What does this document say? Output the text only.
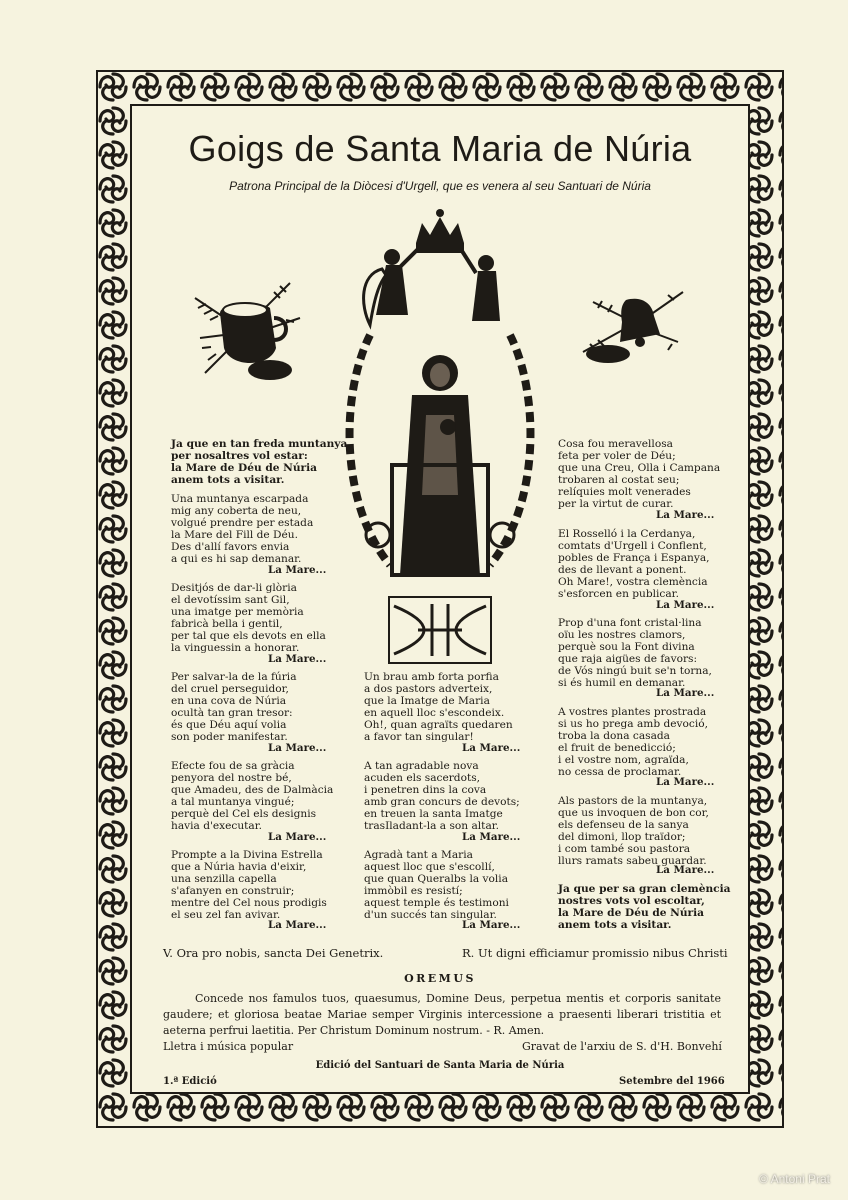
Goigs de Santa Maria de Núria
Patrona Principal de la Diòcesi d'Urgell, que es venera al seu Santuari de Núria
Ja que en tan freda muntanya
per nosaltres vol estar:
la Mare de Déu de Núria
anem tots a visitar.
Una muntanya escarpada
mig any coberta de neu,
volgué prendre per estada
la Mare del Fill de Déu.
Des d'allí favors envia
a qui es hi sap demanar.
La Mare...
Desitjós de dar-li glòria
el devotíssim sant Gil,
una imatge per memòria
fabricà bella i gentil,
per tal que els devots en ella
la vinguessin a honorar.
La Mare...
Per salvar-la de la fúria
del cruel perseguidor,
en una cova de Núria
ocultà tan gran tresor:
és que Déu aquí volia
son poder manifestar.
La Mare...
Efecte fou de sa gràcia
penyora del nostre bé,
que Amadeu, des de Dalmàcia
a tal muntanya vingué;
perquè del Cel els designis
havia d'executar.
La Mare...
Prompte a la Divina Estrella
que a Núria havia d'eixir,
una senzilla capella
s'afanyen en construir;
mentre del Cel nous prodigis
el seu zel fan avivar.
La Mare...
Un brau amb forta porfia
a dos pastors adverteix,
que la Imatge de Maria
en aquell lloc s'escondeix.
Oh!, quan agraïts quedaren
a favor tan singular!
La Mare...
A tan agradable nova
acuden els sacerdots,
i penetren dins la cova
amb gran concurs de devots;
en treuen la santa Imatge
trasIladant-la a son altar.
La Mare...
Agradà tant a Maria
aquest lloc que s'escollí,
que quan Queralbs la volia
immòbil es resistí;
aquest temple és testimoni
d'un succés tan singular.
La Mare...
Cosa fou meravellosa
feta per voler de Déu;
que una Creu, Olla i Campana
trobaren al costat seu;
relíquies molt venerades
per la virtut de curar.
La Mare...
El Rosselló i la Cerdanya,
comtats d'Urgell i Conflent,
pobles de França i Espanya,
des de llevant a ponent.
Oh Mare!, vostra clemència
s'esforcen en publicar.
La Mare...
Prop d'una font cristal·lina
oïu les nostres clamors,
perquè sou la Font divina
que raja aigües de favors:
de Vós ningú buit se'n torna,
si és humil en demanar.
La Mare...
A vostres plantes prostrada
si us ho prega amb devoció,
troba la dona casada
el fruit de benedicció;
i el vostre nom, agraïda,
no cessa de proclamar.
La Mare...
Als pastors de la muntanya,
que us invoquen de bon cor,
els defenseu de la sanya
del dimoni, llop traïdor;
i com també sou pastora
llurs ramats sabeu guardar.
La Mare...
Ja que per sa gran clemència
nostres vots vol escoltar,
la Mare de Déu de Núria
anem tots a visitar.
V. Ora pro nobis, sancta Dei Genetrix.	R. Ut digni efficiamur promissio nibus Christi
OREMUS
Concede nos famulos tuos, quaesumus, Domine Deus, perpetua mentis et corporis sanitate gaudere; et gloriosa beatae Mariae semper Virginis intercessione a praesenti liberari tristitia et aeterna perfrui laetitia. Per Christum Dominum nostrum. - R. Amen.
Lletra i música popular	Gravat de l'arxiu de S. d'H. Bonvehí
Edició del Santuari de Santa Maria de Núria
1.ª Edició	Setembre del 1966
© Antoni Prat
